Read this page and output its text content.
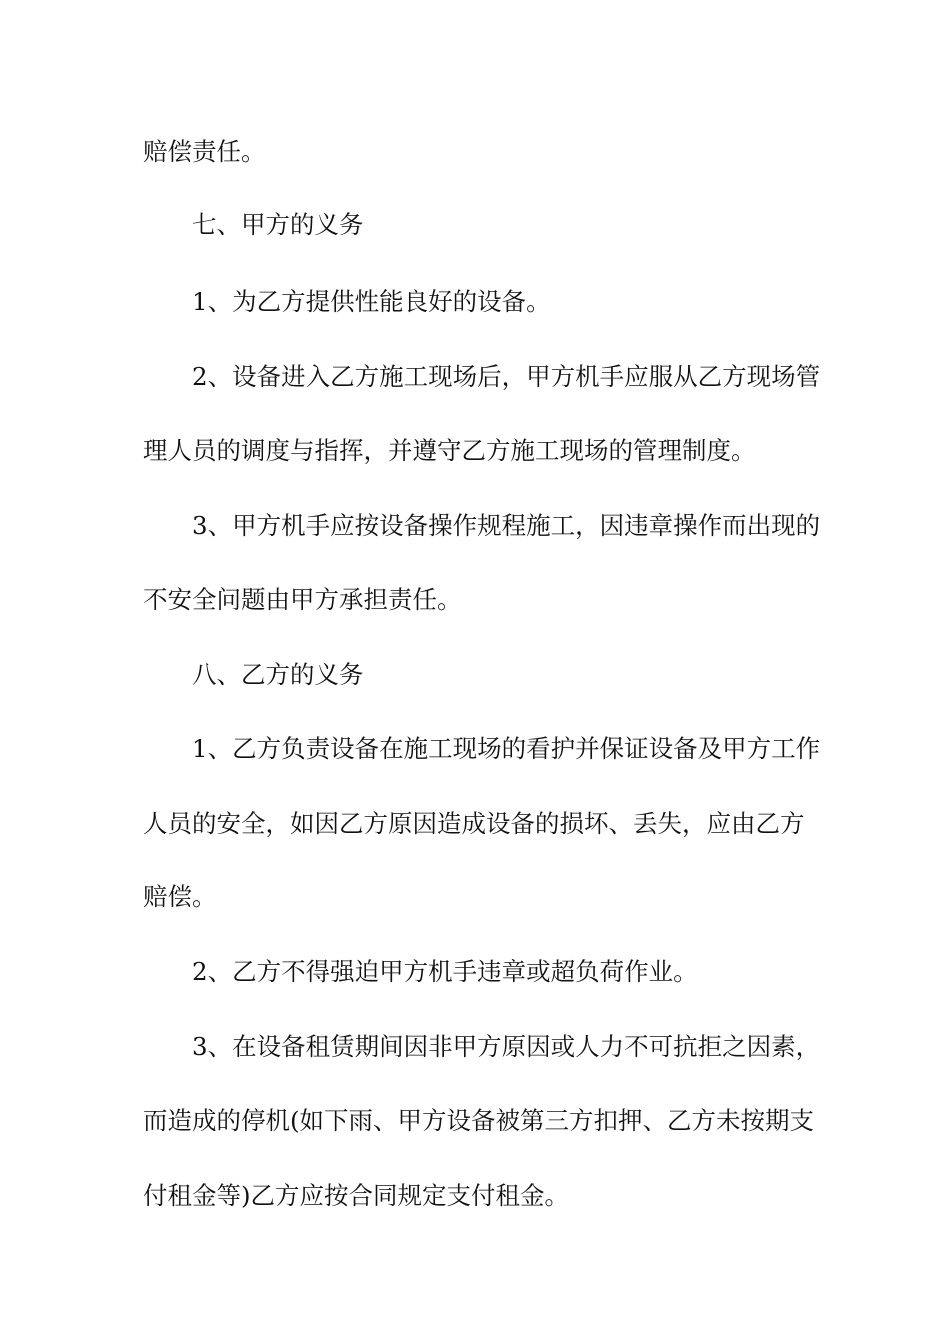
赔偿责任。
七、甲方的义务
1、为乙方提供性能良好的设备。
2、设备进入乙方施工现场后，甲方机手应服从乙方现场管
理人员的调度与指挥，并遵守乙方施工现场的管理制度。
3、甲方机手应按设备操作规程施工，因违章操作而出现的
不安全问题由甲方承担责任。
八、乙方的义务
1、乙方负责设备在施工现场的看护并保证设备及甲方工作
人员的安全，如因乙方原因造成设备的损坏、丢失，应由乙方
赔偿。
2、乙方不得强迫甲方机手违章或超负荷作业。
3、在设备租赁期间因非甲方原因或人力不可抗拒之因素，
而造成的停机(如下雨、甲方设备被第三方扣押、乙方未按期支
付租金等)乙方应按合同规定支付租金。
